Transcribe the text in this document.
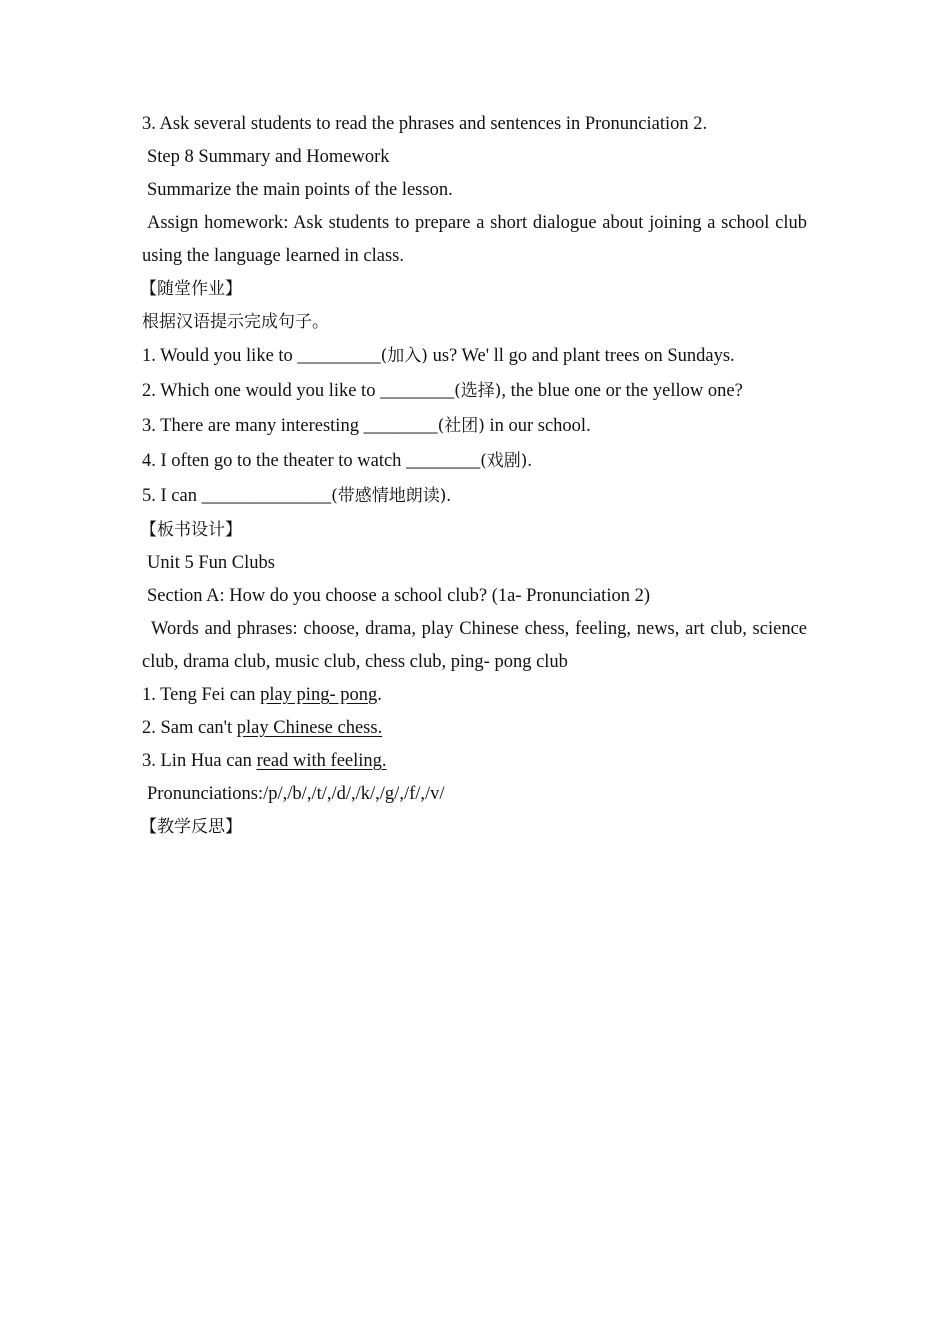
3. Ask several students to read the phrases and sentences in Pronunciation 2.
Step 8 Summary and Homework
Summarize the main points of the lesson.
Assign homework: Ask students to prepare a short dialogue about joining a school club using the language learned in class.
【随堂作业】
根据汉语提示完成句子。
1. Would you like to _________(加入) us? We' ll go and plant trees on Sundays.
2. Which one would you like to ________(选择), the blue one or the yellow one?
3. There are many interesting ________(社团) in our school.
4. I often go to the theater to watch ________(戏剧).
5. I can ______________(带感情地朗读).
【板书设计】
Unit 5 Fun Clubs
Section A: How do you choose a school club? (1a- Pronunciation 2)
Words and phrases: choose, drama, play Chinese chess, feeling, news, art club, science club, drama club, music club, chess club, ping- pong club
1. Teng Fei can play ping- pong.
2. Sam can't play Chinese chess.
3. Lin Hua can read with feeling.
Pronunciations:/p/,/b/,/t/,/d/,/k/,/g/,/f/,/v/
【教学反思】
